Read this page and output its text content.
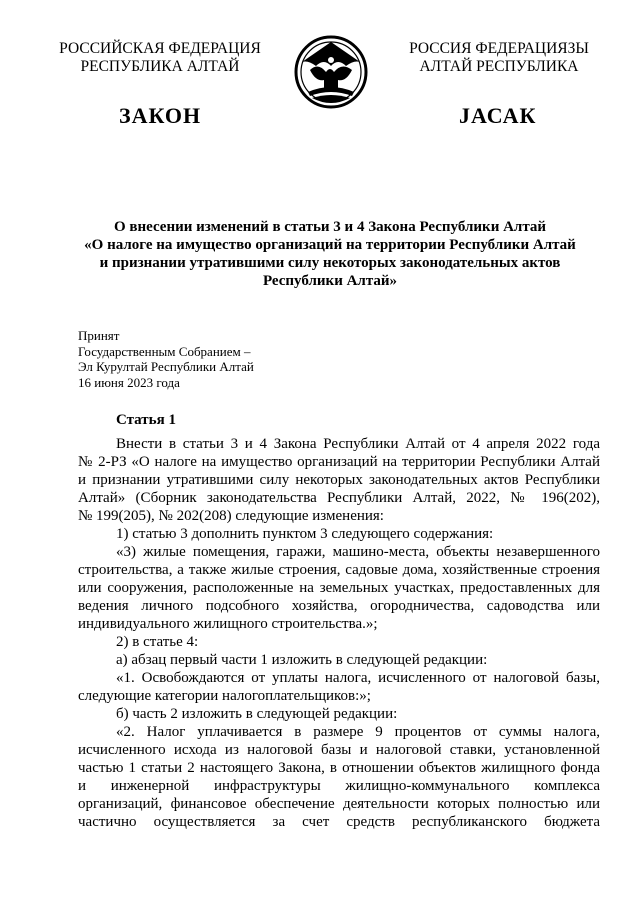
РОССИЙСКАЯ ФЕДЕРАЦИЯ
РЕСПУБЛИКА АЛТАЙ
РОССИЯ ФЕДЕРАЦИЯЗЫ
АЛТАЙ РЕСПУБЛИКА
ЗАКОН	JАСАК
О внесении изменений в статьи 3 и 4 Закона Республики Алтай
«О налоге на имущество организаций на территории Республики Алтай
и признании утратившими силу некоторых законодательных актов
Республики Алтай»
Принят
Государственным Собранием –
Эл Курултай Республики Алтай
16 июня 2023 года
Статья 1
Внести в статьи 3 и 4 Закона Республики Алтай от 4 апреля 2022 года
№ 2-РЗ «О налоге на имущество организаций на территории Республики Алтай
и признании утратившими силу некоторых законодательных актов Республики
Алтай» (Сборник законодательства Республики Алтай, 2022, № 196(202),
№ 199(205), № 202(208) следующие изменения:
1) статью 3 дополнить пунктом 3 следующего содержания:
«3) жилые помещения, гаражи, машино-места, объекты незавершенного
строительства, а также жилые строения, садовые дома, хозяйственные строения
или сооружения, расположенные на земельных участках, предоставленных для
ведения личного подсобного хозяйства, огородничества, садоводства или
индивидуального жилищного строительства.»;
2) в статье 4:
а) абзац первый части 1 изложить в следующей редакции:
«1. Освобождаются от уплаты налога, исчисленного от налоговой базы,
следующие категории налогоплательщиков:»;
б) часть 2 изложить в следующей редакции:
«2. Налог уплачивается в размере 9 процентов от суммы налога,
исчисленного исхода из налоговой базы и налоговой ставки, установленной
частью 1 статьи 2 настоящего Закона, в отношении объектов жилищного фонда
и инженерной инфраструктуры жилищно-коммунального комплекса
организаций, финансовое обеспечение деятельности которых полностью или
частично осуществляется за счет средств республиканского бюджета
